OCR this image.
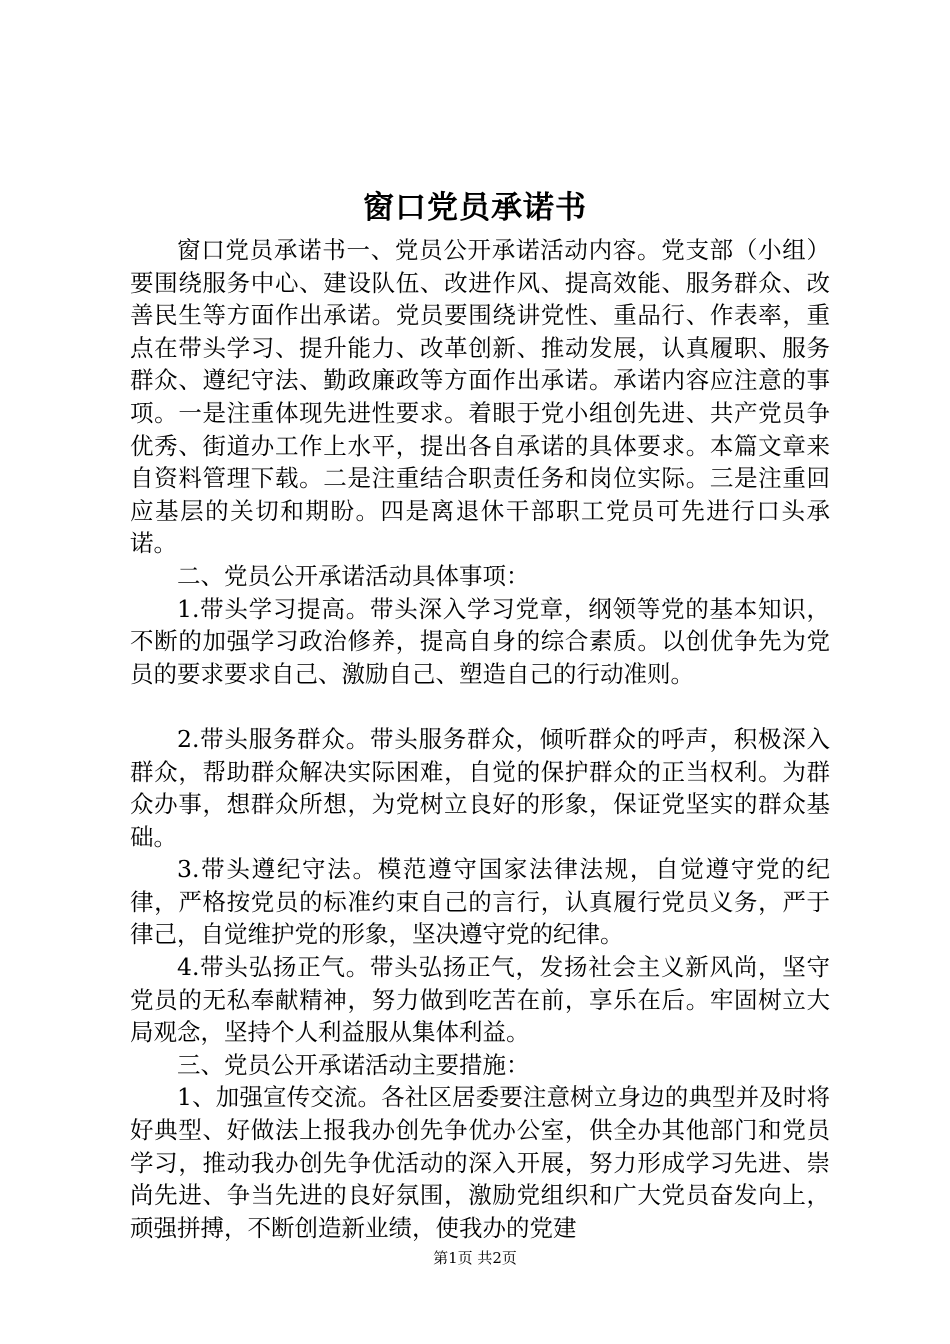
窗口党员承诺书

窗口党员承诺书一、党员公开承诺活动内容。党支部（小组）要围绕服务中心、建设队伍、改进作风、提高效能、服务群众、改善民生等方面作出承诺。党员要围绕讲党性、重品行、作表率，重点在带头学习、提升能力、改革创新、推动发展，认真履职、服务群众、遵纪守法、勤政廉政等方面作出承诺。承诺内容应注意的事项。一是注重体现先进性要求。着眼于党小组创先进、共产党员争优秀、街道办工作上水平，提出各自承诺的具体要求。本篇文章来自资料管理下载。二是注重结合职责任务和岗位实际。三是注重回应基层的关切和期盼。四是离退休干部职工党员可先进行口头承诺。

二、党员公开承诺活动具体事项：

1.带头学习提高。带头深入学习党章，纲领等党的基本知识，不断的加强学习政治修养，提高自身的综合素质。以创优争先为党员的要求要求自己、激励自己、塑造自己的行动准则。

2.带头服务群众。带头服务群众，倾听群众的呼声，积极深入群众，帮助群众解决实际困难，自觉的保护群众的正当权利。为群众办事，想群众所想，为党树立良好的形象，保证党坚实的群众基础。

3.带头遵纪守法。模范遵守国家法律法规，自觉遵守党的纪律，严格按党员的标准约束自己的言行，认真履行党员义务，严于律己，自觉维护党的形象，坚决遵守党的纪律。

4.带头弘扬正气。带头弘扬正气，发扬社会主义新风尚，坚守党员的无私奉献精神，努力做到吃苦在前，享乐在后。牢固树立大局观念，坚持个人利益服从集体利益。

三、党员公开承诺活动主要措施：

1、加强宣传交流。各社区居委要注意树立身边的典型并及时将好典型、好做法上报我办创先争优办公室，供全办其他部门和党员学习，推动我办创先争优活动的深入开展，努力形成学习先进、崇尚先进、争当先进的良好氛围，激励党组织和广大党员奋发向上，顽强拼搏，不断创造新业绩，使我办的党建

第1页 共2页
